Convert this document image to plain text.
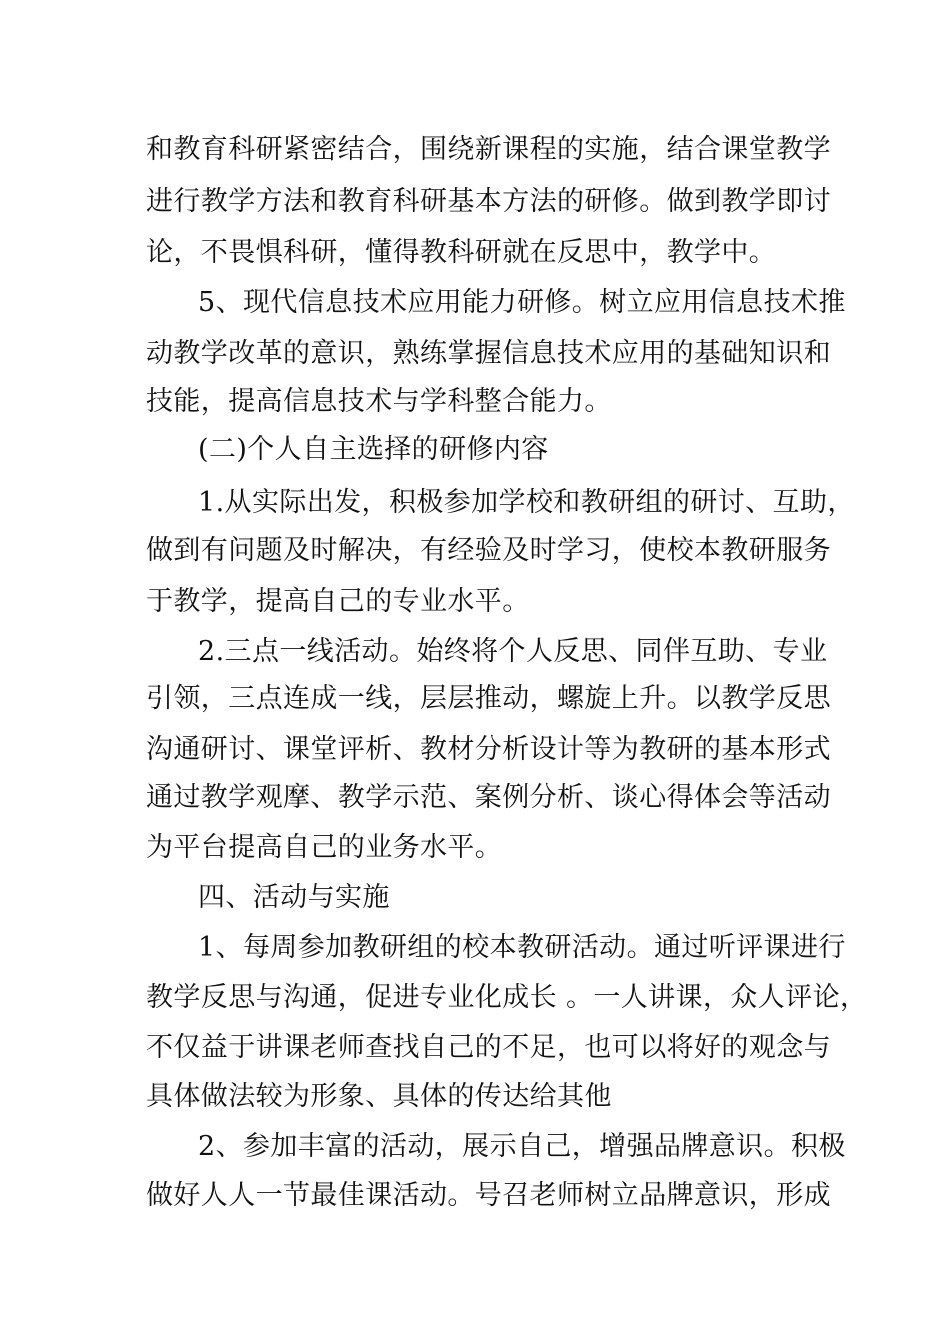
和教育科研紧密结合，围绕新课程的实施，结合课堂教学
进行教学方法和教育科研基本方法的研修。做到教学即讨
论，不畏惧科研，懂得教科研就在反思中，教学中。
5、现代信息技术应用能力研修。树立应用信息技术推
动教学改革的意识，熟练掌握信息技术应用的基础知识和
技能，提高信息技术与学科整合能力。
(二)个人自主选择的研修内容
1.从实际出发，积极参加学校和教研组的研讨、互助，
做到有问题及时解决，有经验及时学习，使校本教研服务
于教学，提高自己的专业水平。
2.三点一线活动。始终将个人反思、同伴互助、专业
引领，三点连成一线，层层推动，螺旋上升。以教学反思
沟通研讨、课堂评析、教材分析设计等为教研的基本形式
通过教学观摩、教学示范、案例分析、谈心得体会等活动
为平台提高自己的业务水平。
四、活动与实施
1、每周参加教研组的校本教研活动。通过听评课进行
教学反思与沟通，促进专业化成长 。一人讲课，众人评论，
不仅益于讲课老师查找自己的不足，也可以将好的观念与
具体做法较为形象、具体的传达给其他
2、参加丰富的活动，展示自己，增强品牌意识。积极
做好人人一节最佳课活动。号召老师树立品牌意识，形成
